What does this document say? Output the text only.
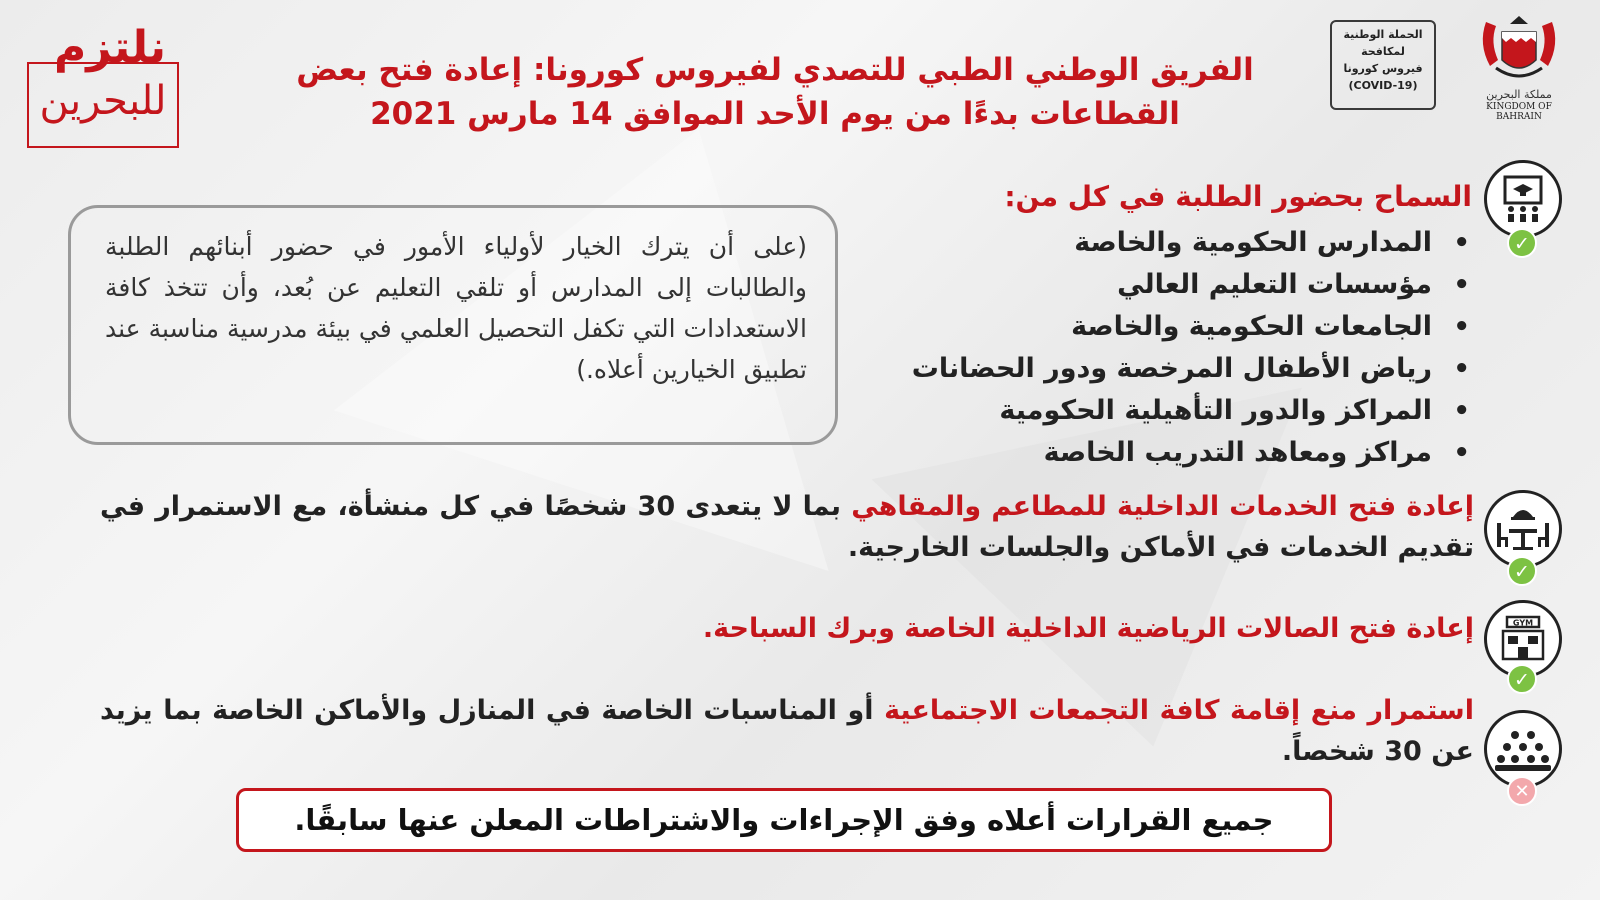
نلتزم
للبحرين
الفريق الوطني الطبي للتصدي لفيروس كورونا: إعادة فتح بعض
القطاعات بدءًا من يوم الأحد الموافق 14 مارس 2021
الحملة الوطنية
لمكافحة
فيروس كورونا
(COVID-19)
مملكة البحرين
KINGDOM OF BAHRAIN
✓
السماح بحضور الطلبة في كل من:
• المدارس الحكومية والخاصة
• مؤسسات التعليم العالي
• الجامعات الحكومية والخاصة
• رياض الأطفال المرخصة ودور الحضانات
• المراكز والدور التأهيلية الحكومية
• مراكز ومعاهد التدريب الخاصة
(على أن يترك الخيار لأولياء الأمور في حضور أبنائهم الطلبة والطالبات إلى المدارس أو تلقي التعليم عن بُعد، وأن تتخذ كافة الاستعدادات التي تكفل التحصيل العلمي في بيئة مدرسية مناسبة عند تطبيق الخيارين أعلاه.)
✓
إعادة فتح الخدمات الداخلية للمطاعم والمقاهي بما لا يتعدى 30 شخصًا في كل منشأة، مع الاستمرار في تقديم الخدمات في الأماكن والجلسات الخارجية.
GYM
✓
إعادة فتح الصالات الرياضية الداخلية الخاصة وبرك السباحة.
✕
استمرار منع إقامة كافة التجمعات الاجتماعية أو المناسبات الخاصة في المنازل والأماكن الخاصة بما يزيد عن 30 شخصاً.
جميع القرارات أعلاه وفق الإجراءات والاشتراطات المعلن عنها سابقًا.
